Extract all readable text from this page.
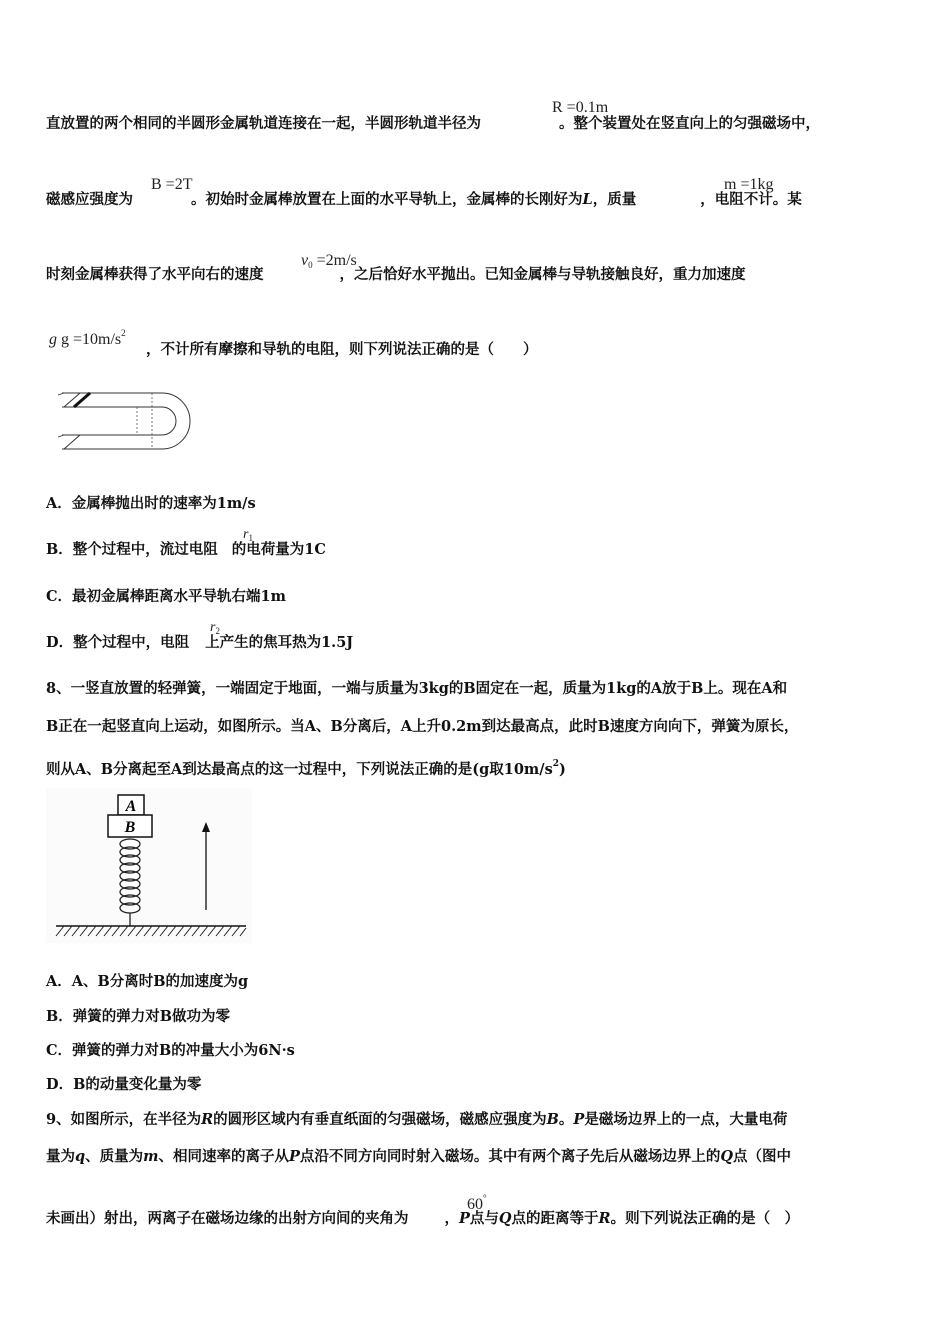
直放置的两个相同的半圆形金属轨道连接在一起，半圆形轨道半径为	。整个装置处在竖直向上的匀强磁场中，
R =0.1m
磁感应强度为	。初始时金属棒放置在上面的水平导轨上，金属棒的长刚好为L，质量	，电阻不计。某
B =2T	m =1kg
时刻金属棒获得了水平向右的速度	，之后恰好水平抛出。已知金属棒与导轨接触良好，重力加速度
$v_0 =2m/s$
，不计所有摩擦和导轨的电阻，则下列说法正确的是（　　）
g $g =10m/s^2$
A．金属棒抛出时的速率为1m/s
B．整个过程中，流过电阻 的电荷量为1C
$r_1$
C．最初金属棒距离水平导轨右端1m
D．整个过程中，电阻 上产生的焦耳热为1.5J
$r_2$
8、一竖直放置的轻弹簧，一端固定于地面，一端与质量为3kg的B固定在一起，质量为1kg的A放于B上。现在A和
B正在一起竖直向上运动，如图所示。当A、B分离后，A上升0.2m到达最高点，此时B速度方向向下，弹簧为原长，
则从A、B分离起至A到达最高点的这一过程中，下列说法正确的是(g取$10m/s^2$)
A
B
A．A、B分离时B的加速度为g
B．弹簧的弹力对B做功为零
C．弹簧的弹力对B的冲量大小为6N·s
D．B的动量变化量为零
9、如图所示，在半径为R的圆形区域内有垂直纸面的匀强磁场，磁感应强度为B。P是磁场边界上的一点，大量电荷
量为q、质量为m、相同速率的离子从P点沿不同方向同时射入磁场。其中有两个离子先后从磁场边界上的Q点（图中
未画出）射出，两离子在磁场边缘的出射方向间的夹角为 ，P点与Q点的距离等于R。则下列说法正确的是（　）
60°
